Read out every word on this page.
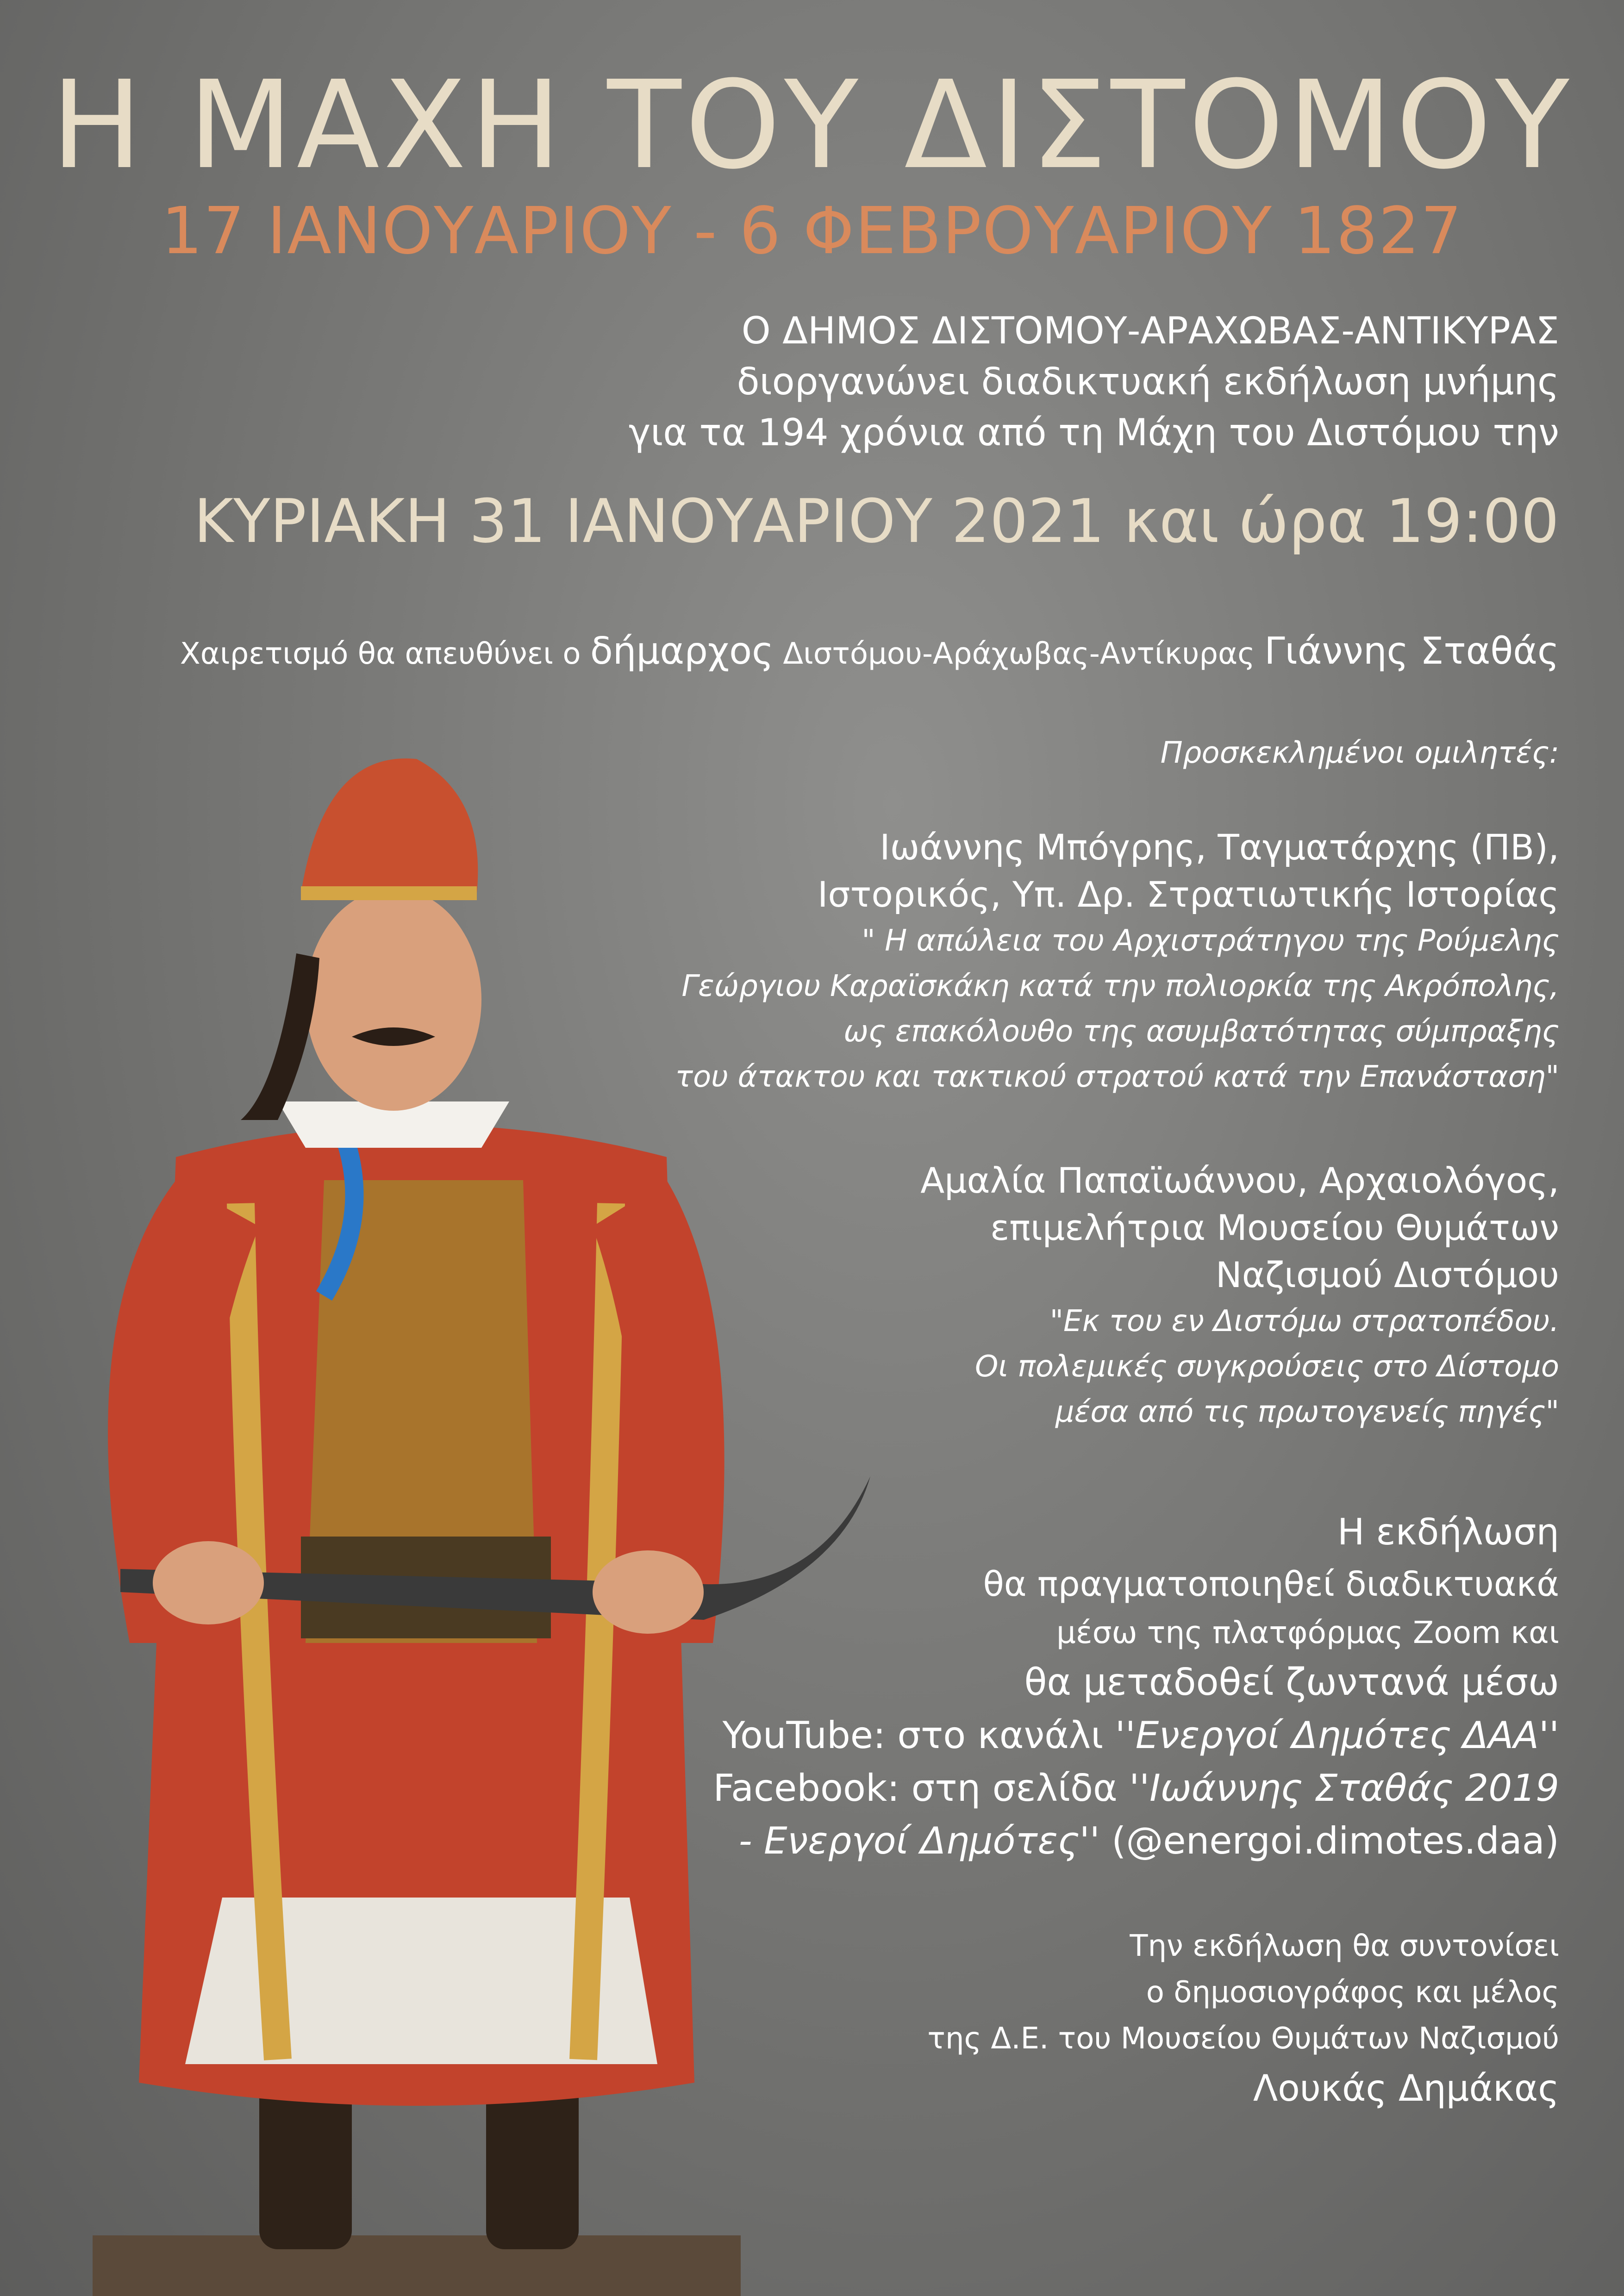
Η ΜΑΧΗ ΤΟΥ ΔΙΣΤΟΜΟΥ
17 ΙΑΝΟΥΑΡΙΟΥ - 6 ΦΕΒΡΟΥΑΡΙΟΥ 1827
Ο ΔΗΜΟΣ ΔΙΣΤΟΜΟΥ-ΑΡΑΧΩΒΑΣ-ΑΝΤΙΚΥΡΑΣ
διοργανώνει διαδικτυακή εκδήλωση μνήμης
για τα 194 χρόνια από τη Μάχη του Διστόμου την
ΚΥΡΙΑΚΗ 31 ΙΑΝΟΥΑΡΙΟΥ 2021 και ώρα 19:00
Χαιρετισμό θα απευθύνει ο δήμαρχος Διστόμου-Αράχωβας-Αντίκυρας Γιάννης Σταθάς
Προσκεκλημένοι ομιλητές:
Ιωάννης Μπόγρης, Ταγματάρχης (ΠΒ),
Ιστορικός, Υπ. Δρ. Στρατιωτικής Ιστορίας
" Η απώλεια του Αρχιστράτηγου της Ρούμελης
Γεώργιου Καραϊσκάκη κατά την πολιορκία της Ακρόπολης,
ως επακόλουθο της ασυμβατότητας σύμπραξης
του άτακτου και τακτικού στρατού κατά την Επανάσταση"
Αμαλία Παπαϊωάννου, Αρχαιολόγος,
επιμελήτρια Μουσείου Θυμάτων
Ναζισμού Διστόμου
"Εκ του εν Διστόμω στρατοπέδου.
Οι πολεμικές συγκρούσεις στο Δίστομο
μέσα από τις πρωτογενείς πηγές"
Η εκδήλωση
θα πραγματοποιηθεί διαδικτυακά
μέσω της πλατφόρμας Zoom και
θα μεταδοθεί ζωντανά μέσω
YouTube: στο κανάλι ''Ενεργοί Δημότες ΔΑΑ''
Facebook: στη σελίδα ''Ιωάννης Σταθάς 2019
- Ενεργοί Δημότες'' (@energoi.dimotes.daa)
Την εκδήλωση θα συντονίσει
ο δημοσιογράφος και μέλος
της Δ.Ε. του Μουσείου Θυμάτων Ναζισμού
Λουκάς Δημάκας
